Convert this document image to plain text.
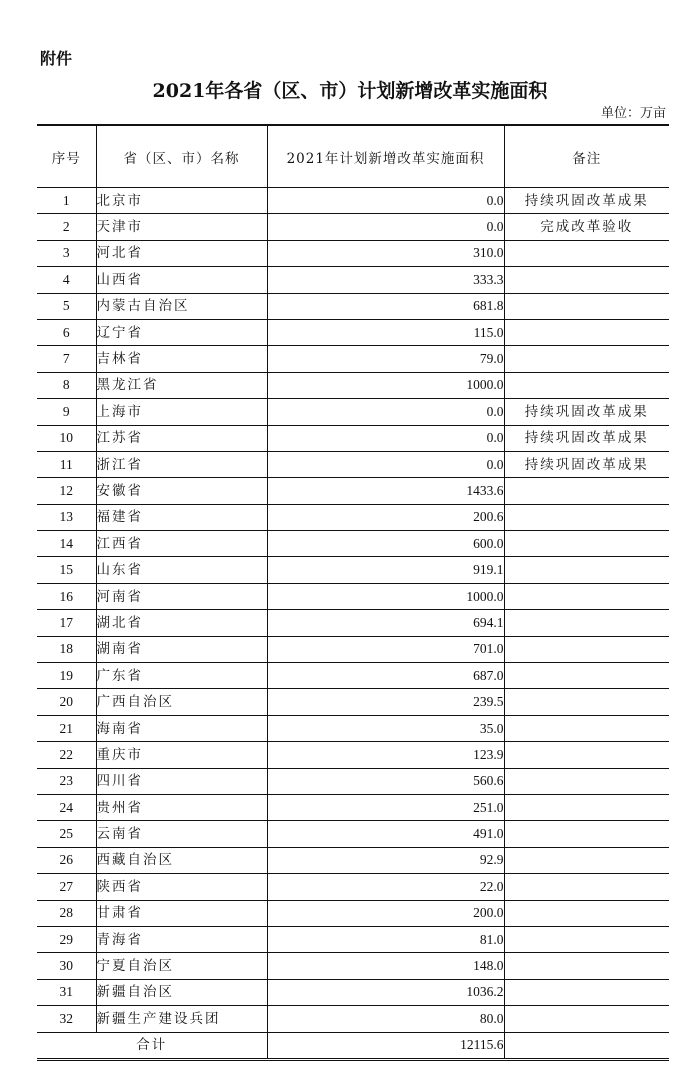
附件
2021年各省（区、市）计划新增改革实施面积
单位：万亩
序号	省（区、市）名称	2021年计划新增改革实施面积	备注
1	北京市	0.0	持续巩固改革成果
2	天津市	0.0	完成改革验收
3	河北省	310.0	
4	山西省	333.3	
5	内蒙古自治区	681.8	
6	辽宁省	115.0	
7	吉林省	79.0	
8	黑龙江省	1000.0	
9	上海市	0.0	持续巩固改革成果
10	江苏省	0.0	持续巩固改革成果
11	浙江省	0.0	持续巩固改革成果
12	安徽省	1433.6	
13	福建省	200.6	
14	江西省	600.0	
15	山东省	919.1	
16	河南省	1000.0	
17	湖北省	694.1	
18	湖南省	701.0	
19	广东省	687.0	
20	广西自治区	239.5	
21	海南省	35.0	
22	重庆市	123.9	
23	四川省	560.6	
24	贵州省	251.0	
25	云南省	491.0	
26	西藏自治区	92.9	
27	陕西省	22.0	
28	甘肃省	200.0	
29	青海省	81.0	
30	宁夏自治区	148.0	
31	新疆自治区	1036.2	
32	新疆生产建设兵团	80.0	
合计		12115.6	
